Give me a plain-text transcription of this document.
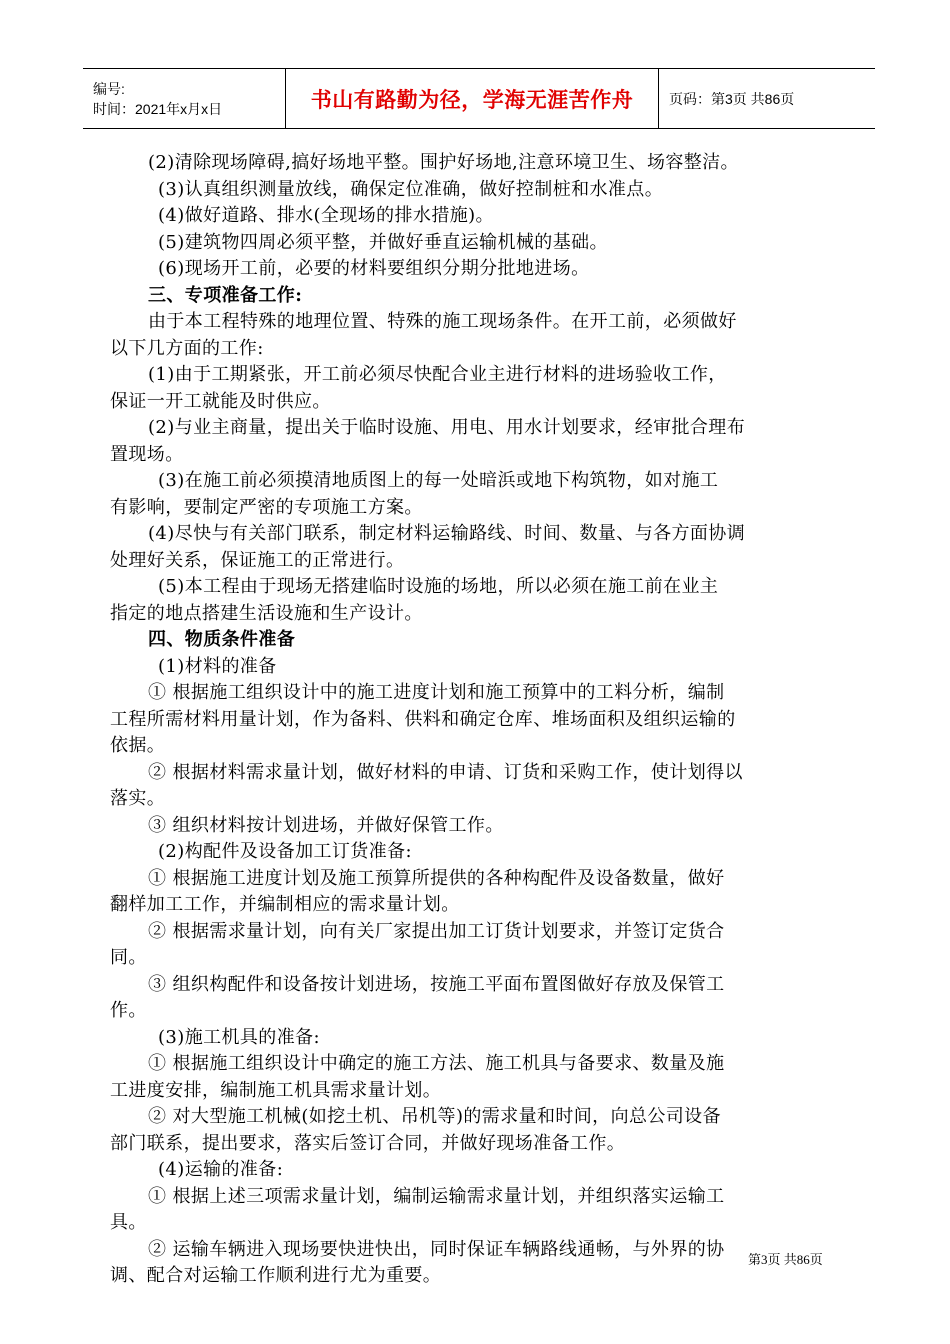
编号:
时间：2021年x月x日	书山有路勤为径，学海无涯苦作舟	页码：第3页 共86页
(2)清除现场障碍,搞好场地平整。围护好场地,注意环境卫生、场容整洁。
(3)认真组织测量放线，确保定位准确，做好控制桩和水准点。
(4)做好道路、排水(全现场的排水措施)。
(5)建筑物四周必须平整，并做好垂直运输机械的基础。
(6)现场开工前，必要的材料要组织分期分批地进场。
三、专项准备工作:
由于本工程特殊的地理位置、特殊的施工现场条件。在开工前，必须做好
以下几方面的工作:
(1)由于工期紧张，开工前必须尽快配合业主进行材料的进场验收工作，
保证一开工就能及时供应。
(2)与业主商量，提出关于临时设施、用电、用水计划要求，经审批合理布
置现场。
(3)在施工前必须摸清地质图上的每一处暗浜或地下构筑物，如对施工
有影响，要制定严密的专项施工方案。
(4)尽快与有关部门联系，制定材料运输路线、时间、数量、与各方面协调
处理好关系，保证施工的正常进行。
(5)本工程由于现场无搭建临时设施的场地，所以必须在施工前在业主
指定的地点搭建生活设施和生产设计。
四、物质条件准备
(1)材料的准备
① 根据施工组织设计中的施工进度计划和施工预算中的工料分析，编制
工程所需材料用量计划，作为备料、供料和确定仓库、堆场面积及组织运输的
依据。
② 根据材料需求量计划，做好材料的申请、订货和采购工作，使计划得以
落实。
③ 组织材料按计划进场，并做好保管工作。
(2)构配件及设备加工订货准备:
① 根据施工进度计划及施工预算所提供的各种构配件及设备数量，做好
翻样加工工作，并编制相应的需求量计划。
② 根据需求量计划，向有关厂家提出加工订货计划要求，并签订定货合
同。
③ 组织构配件和设备按计划进场，按施工平面布置图做好存放及保管工
作。
(3)施工机具的准备:
① 根据施工组织设计中确定的施工方法、施工机具与备要求、数量及施
工进度安排，编制施工机具需求量计划。
② 对大型施工机械(如挖土机、吊机等)的需求量和时间，向总公司设备
部门联系，提出要求，落实后签订合同，并做好现场准备工作。
(4)运输的准备:
① 根据上述三项需求量计划，编制运输需求量计划，并组织落实运输工
具。
② 运输车辆进入现场要快进快出，同时保证车辆路线通畅，与外界的协
调、配合对运输工作顺利进行尤为重要。
第3页 共86页
